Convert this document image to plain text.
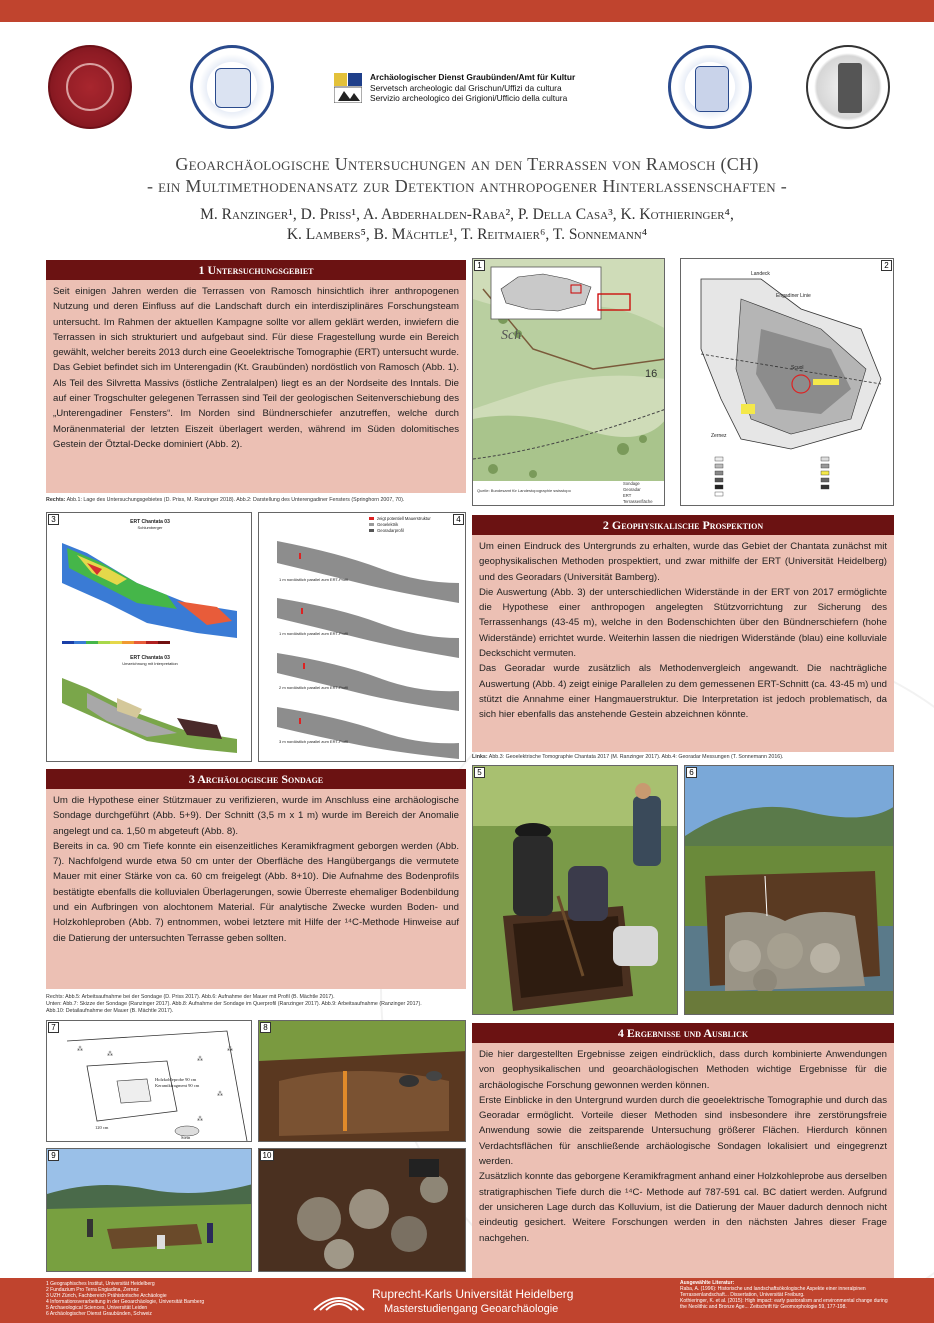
Archäologischer Dienst Graubünden/Amt für Kultur
Servetsch archeologic dal Grischun/Uffizi da cultura
Servizio archeologico dei Grigioni/Ufficio della cultura
Geoarchäologische Untersuchungen an den Terrassen von Ramosch (CH)
- ein Multimethodenansatz zur Detektion anthropogener Hinterlassenschaften -
M. Ranzinger¹, D. Priss¹, A. Abderhalden-Raba², P. Della Casa³, K. Kothieringer⁴,
K. Lambers⁵, B. Mächtle¹, T. Reitmaier⁶, T. Sonnemann⁴
1 Untersuchungsgebiet

Seit einigen Jahren werden die Terrassen von Ramosch hinsichtlich ihrer anthropogenen Nutzung und deren Einfluss auf die Landschaft durch ein interdisziplinäres Forschungsteam untersucht. Im Rahmen der aktuellen Kampagne sollte vor allem geklärt werden, inwiefern die Terrassen in sich strukturiert und aufgebaut sind. Für diese Fragestellung wurde ein Bereich gewählt, welcher bereits 2013 durch eine Geoelektrische Tomographie (ERT) untersucht wurde.

Das Gebiet befindet sich im Unterengadin (Kt. Graubünden) nordöstlich von Ramosch (Abb. 1). Als Teil des Silvretta Massivs (östliche Zentralalpen) liegt es an der Nordseite des Inntals. Die auf einer Trogschulter gelegenen Terrassen sind Teil der geologischen Seitenverschiebung des „Unterengadiner Fensters“. Im Norden sind Bündnerschiefer anzutreffen, welche durch Moränenmaterial der letzten Eiszeit überlagert werden, während im Süden dolomitisches Gestein der Ötztal-Decke dominiert (Abb. 2).

Rechts: Abb.1: Lage des Untersuchungsgebietes (D. Priss, M. Ranzinger 2018). Abb.2: Darstellung des Unterengadiner Fensters (Springhorn 2007, 70).
1
Sch
16
Quelle: Bundesamt für Landestopographie swisstopo
Sondage
Georadar
ERT
Terrassenfläche
2
Landeck
Engadiner Linie
Scuol
Zernez
3	ERT Chantata 03
Schlumberger
ERT Chantata 03
Umzeichnung mit Interpretation
4
zeigt potentiell Mauerstruktur
Geoelektrik
Georadarprofil
1 m nordöstlich parallel zum ERT-Profil
1 m nordöstlich parallel zum ERT-Profil
2 m nordöstlich parallel zum ERT-Profil
3 m nordöstlich parallel zum ERT-Profil
2 Geophysikalische Prospektion

Um einen Eindruck des Untergrunds zu erhalten, wurde das Gebiet der Chantata zunächst mit geophysikalischen Methoden prospektiert, und zwar mithilfe der ERT (Universität Heidelberg) und des Georadars (Universität Bamberg).

Die Auswertung (Abb. 3) der unterschiedlichen Widerstände in der ERT von 2017 ermöglichte die Hypothese einer anthropogen angelegten Stützvorrichtung zur Sicherung des Terrassenhangs (43-45 m), welche in den Bodenschichten über den Bündnerschiefern (hohe Widerstände) errichtet wurde. Weiterhin lassen die niedrigen Widerstände (blau) eine kolluviale Deckschicht vermuten.

Das Georadar wurde zusätzlich als Methodenvergleich angewandt. Die nachträgliche Auswertung (Abb. 4) zeigt einige Parallelen zu dem gemessenen ERT-Schnitt (ca. 43-45 m) und stützt die Annahme einer Hangmauerstruktur. Die Interpretation ist jedoch problematisch, da sich hier ebenfalls das anstehende Gestein abzeichnen könnte.

Links: Abb.3: Geoelektrische Tomographie Chantata 2017 (M. Ranzinger 2017). Abb.4: Georadar Messungen (T. Sonnemann 2016).
3 Archäologische Sondage

Um die Hypothese einer Stützmauer zu verifizieren, wurde im Anschluss eine archäologische Sondage durchgeführt (Abb. 5+9). Der Schnitt (3,5 m x 1 m) wurde im Bereich der Anomalie angelegt und ca. 1,50 m abgeteuft (Abb. 8).

Bereits in ca. 90 cm Tiefe konnte ein eisenzeitliches Keramikfragment geborgen werden (Abb. 7). Nachfolgend wurde etwa 50 cm unter der Oberfläche des Hangübergangs die vermutete Mauer mit einer Stärke von ca. 60 cm freigelegt (Abb. 8+10). Die Aufnahme des Bodenprofils bestätigte ebenfalls die kolluvialen Überlagerungen, sowie Überreste ehemaliger Bodenbildung und ein Aufbringen von alochtonem Material. Für analytische Zwecke wurden Boden- und Holzkohleproben (Abb. 7) entnommen, wobei letztere mit Hilfe der ¹⁴C-Methode Hinweise auf die Datierung der untersuchten Terrasse geben sollten.

Rechts: Abb.5: Arbeitsaufnahme bei der Sondage (D. Priss 2017). Abb.6: Aufnahme der Mauer mit Profil (B. Mächtle 2017).
Unten: Abb.7: Skizze der Sondage (Ranzinger 2017). Abb.8: Aufnahme der Sondage im Querprofil (Ranzinger 2017). Abb.9: Arbeitsaufnahme (Ranzinger 2017).
Abb.10: Detailaufnahme der Mauer (B. Mächtle 2017).
5	6
7
Holzkohleprobe 90 cm
Keramikfragment 90 cm
Stein
120 cm
⁂
⁂
⁂
⁂
⁂
⁂
8
9	10
4 Ergebnisse und Ausblick

Die hier dargestellten Ergebnisse zeigen eindrücklich, dass durch kombinierte Anwendungen von geophysikalischen und geoarchäologischen Methoden wichtige Ergebnisse für die archäologische Forschung gewonnen werden können.

Erste Einblicke in den Untergrund wurden durch die geoelektrische Tomographie und durch das Georadar ermöglicht. Vorteile dieser Methoden sind insbesondere ihre zerstörungsfreie Anwendung sowie die zeitsparende Untersuchung größerer Flächen. Hierdurch können Verdachtsflächen für anschließende archäologische Sondagen lokalisiert und eingegrenzt werden.

Zusätzlich konnte das geborgene Keramikfragment anhand einer Holzkohleprobe aus derselben stratigraphischen Tiefe durch die ¹⁴C- Methode auf 787-591 cal. BC datiert werden. Aufgrund der unsicheren Lage durch das Kolluvium, ist die Datierung der Mauer dadurch dennoch nicht eindeutig gesichert. Weitere Forschungen werden in den nächsten Jahres dieser Frage nachgehen.

1 Geographisches Institut, Universität Heidelberg
2 Fundazium Pro Terra Engiadina, Zernez
3 UZH Zürich, Fachbereich Prähistorische Archäologie
4 Informationsverarbeitung in der Geoarchäologie, Universität Bamberg
5 Archaeological Sciences, Universität Leiden
6 Archäologischer Dienst Graubünden, Schweiz
Ruprecht-Karls Universität Heidelberg
Masterstudiengang Geoarchäologie
Ausgewählte Literatur:
Raba, A. (1996): Historische und landschaftsökologische Aspekte einer inneralpinen Terrassenlandschaft... Dissertation, Universität Freiburg.
Kothieringer, K. et al. (2015): High impact: early pastoralism and environmental change during the Neolithic and Bronze Age... Zeitschrift für Geomorphologie 59, 177-198.
